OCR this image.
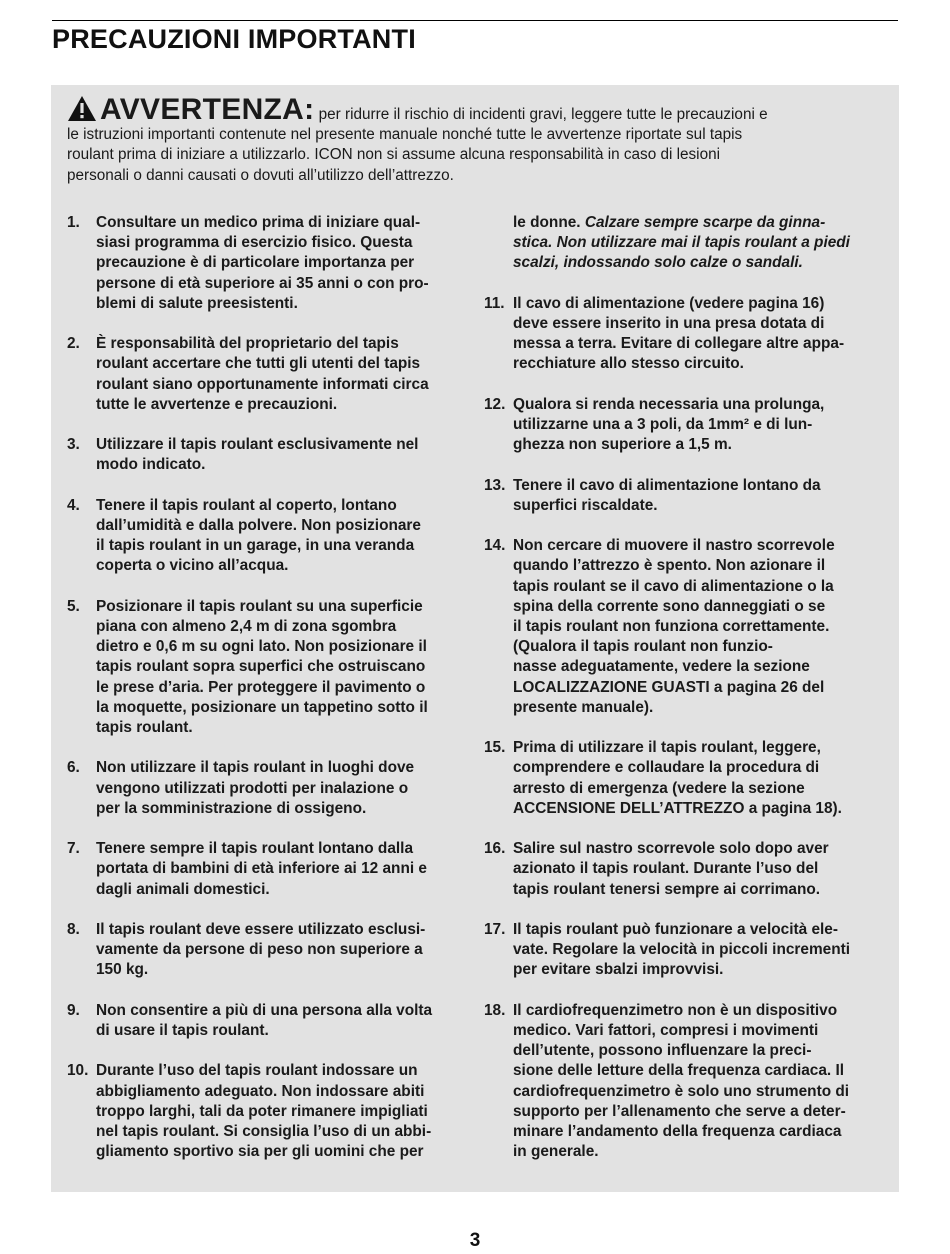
PRECAUZIONI IMPORTANTI
AVVERTENZA: per ridurre il rischio di incidenti gravi, leggere tutte le precauzioni e
le istruzioni importanti contenute nel presente manuale nonché tutte le avvertenze riportate sul tapis
roulant prima di iniziare a utilizzarlo. ICON non si assume alcuna responsabilità in caso di lesioni
personali o danni causati o dovuti all’utilizzo dell’attrezzo.
1.	Consultare un medico prima di iniziare qual-
siasi programma di esercizio fisico. Questa
precauzione è di particolare importanza per
persone di età superiore ai 35 anni o con pro-
blemi di salute preesistenti.
2.	È responsabilità del proprietario del tapis
roulant accertare che tutti gli utenti del tapis
roulant siano opportunamente informati circa
tutte le avvertenze e precauzioni.
3.	Utilizzare il tapis roulant esclusivamente nel
modo indicato.
4.	Tenere il tapis roulant al coperto, lontano
dall’umidità e dalla polvere. Non posizionare
il tapis roulant in un garage, in una veranda
coperta o vicino all’acqua.
5.	Posizionare il tapis roulant su una superficie
piana con almeno 2,4 m di zona sgombra
dietro e 0,6 m su ogni lato. Non posizionare il
tapis roulant sopra superfici che ostruiscano
le prese d’aria. Per proteggere il pavimento o
la moquette, posizionare un tappetino sotto il
tapis roulant.
6.	Non utilizzare il tapis roulant in luoghi dove
vengono utilizzati prodotti per inalazione o
per la somministrazione di ossigeno.
7.	Tenere sempre il tapis roulant lontano dalla
portata di bambini di età inferiore ai 12 anni e
dagli animali domestici.
8.	Il tapis roulant deve essere utilizzato esclusi-
vamente da persone di peso non superiore a
150 kg.
9.	Non consentire a più di una persona alla volta
di usare il tapis roulant.
10. Durante l’uso del tapis roulant indossare un
abbigliamento adeguato. Non indossare abiti
troppo larghi, tali da poter rimanere impigliati
nel tapis roulant. Si consiglia l’uso di un abbi-
gliamento sportivo sia per gli uomini che per
le donne. Calzare sempre scarpe da ginna-
stica. Non utilizzare mai il tapis roulant a piedi
scalzi, indossando solo calze o sandali.
11. Il cavo di alimentazione (vedere pagina 16)
deve essere inserito in una presa dotata di
messa a terra. Evitare di collegare altre appa-
recchiature allo stesso circuito.
12. Qualora si renda necessaria una prolunga,
utilizzarne una a 3 poli, da 1mm² e di lun-
ghezza non superiore a 1,5 m.
13. Tenere il cavo di alimentazione lontano da
superfici riscaldate.
14. Non cercare di muovere il nastro scorrevole
quando l’attrezzo è spento. Non azionare il
tapis roulant se il cavo di alimentazione o la
spina della corrente sono danneggiati o se
il tapis roulant non funziona correttamente.
(Qualora il tapis roulant non funzio-
nasse adeguatamente, vedere la sezione
LOCALIZZAZIONE GUASTI a pagina 26 del
presente manuale).
15. Prima di utilizzare il tapis roulant, leggere,
comprendere e collaudare la procedura di
arresto di emergenza (vedere la sezione
ACCENSIONE DELL’ATTREZZO a pagina 18).
16. Salire sul nastro scorrevole solo dopo aver
azionato il tapis roulant. Durante l’uso del
tapis roulant tenersi sempre ai corrimano.
17. Il tapis roulant può funzionare a velocità ele-
vate. Regolare la velocità in piccoli incrementi
per evitare sbalzi improvvisi.
18. Il cardiofrequenzimetro non è un dispositivo
medico. Vari fattori, compresi i movimenti
dell’utente, possono influenzare la preci-
sione delle letture della frequenza cardiaca. Il
cardiofrequenzimetro è solo uno strumento di
supporto per l’allenamento che serve a deter-
minare l’andamento della frequenza cardiaca
in generale.
3
